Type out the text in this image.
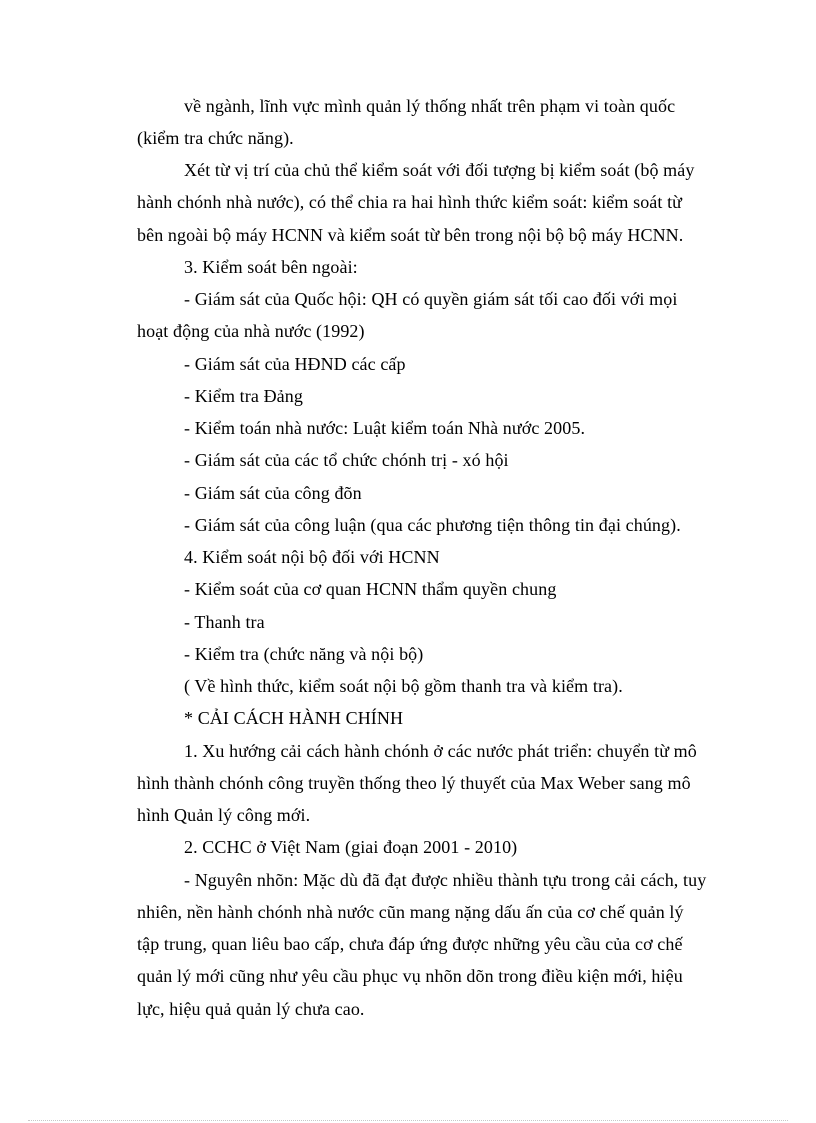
về ngành, lĩnh vực mình quản lý thống nhất trên phạm vi toàn quốc
(kiểm tra chức năng).
Xét từ vị trí của chủ thể kiểm soát với đối tượng bị kiểm soát (bộ máy
hành chónh nhà nước), có thể chia ra hai hình thức kiểm soát: kiểm soát từ
bên ngoài bộ máy HCNN và kiểm soát từ bên trong nội bộ bộ máy HCNN.
3. Kiểm soát bên ngoài:
- Giám sát của Quốc hội: QH có quyền giám sát tối cao đối với mọi
hoạt động của nhà nước (1992)
- Giám sát của HĐND các cấp
- Kiểm tra Đảng
- Kiểm toán nhà nước: Luật kiểm toán Nhà nước 2005.
- Giám sát của các tổ chức chónh trị - xó hội
- Giám sát của công đõn
- Giám sát của công luận (qua các phương tiện thông tin đại chúng).
4. Kiểm soát nội bộ đối với HCNN
- Kiểm soát của cơ quan HCNN thẩm quyền chung
- Thanh tra
- Kiểm tra (chức năng và nội bộ)
( Về hình thức, kiểm soát nội bộ gồm thanh tra và kiểm tra).
* CẢI CÁCH HÀNH CHÍNH
1. Xu hướng cải cách hành chónh ở các nước phát triển: chuyển từ mô
hình thành chónh công truyền thống theo lý thuyết của Max Weber sang mô
hình Quản lý công mới.
2. CCHC ở Việt Nam (giai đoạn 2001 - 2010)
- Nguyên nhõn: Mặc dù đã đạt được nhiều thành tựu trong cải cách, tuy
nhiên, nền hành chónh nhà nước cũn mang nặng dấu ấn của cơ chế quản lý
tập trung, quan liêu bao cấp, chưa đáp ứng được những yêu cầu của cơ chế
quản lý mới cũng như yêu cầu phục vụ nhõn dõn trong điều kiện mới, hiệu
lực, hiệu quả quản lý chưa cao.
